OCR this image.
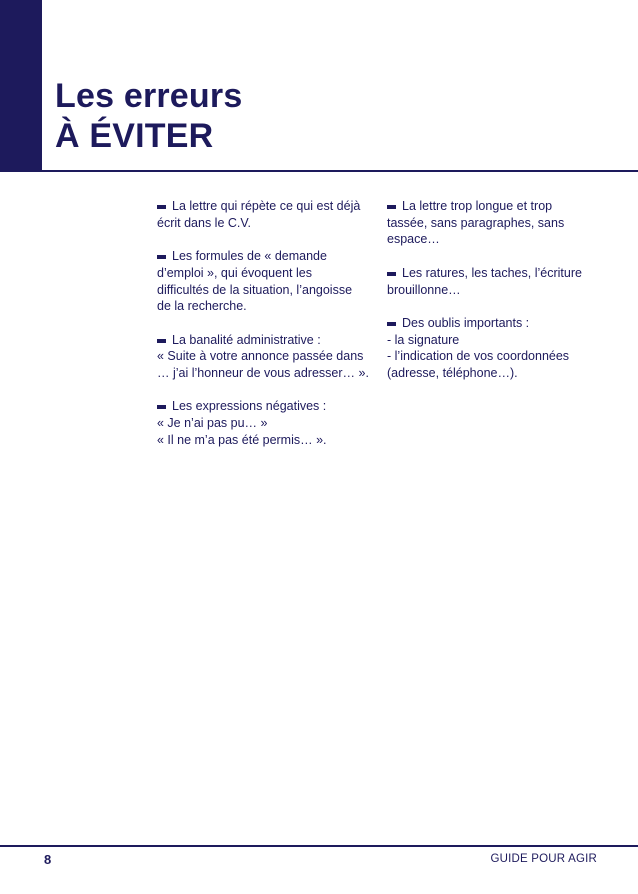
Les erreurs
À ÉVITER
La lettre qui répète ce qui est déjà
écrit dans le C.V.
Les formules de « demande
d’emploi », qui évoquent les
difficultés de la situation, l’angoisse
de la recherche.
La banalité administrative :
« Suite à votre annonce passée dans
… j’ai l’honneur de vous adresser… ».
Les expressions négatives :
« Je n’ai pas pu… »
« Il ne m’a pas été permis… ».
La lettre trop longue et trop
tassée, sans paragraphes, sans
espace…
Les ratures, les taches, l’écriture
brouillonne…
Des oublis importants :
- la signature
- l’indication de vos coordonnées
(adresse, téléphone…).
8	GUIDE POUR AGIR
